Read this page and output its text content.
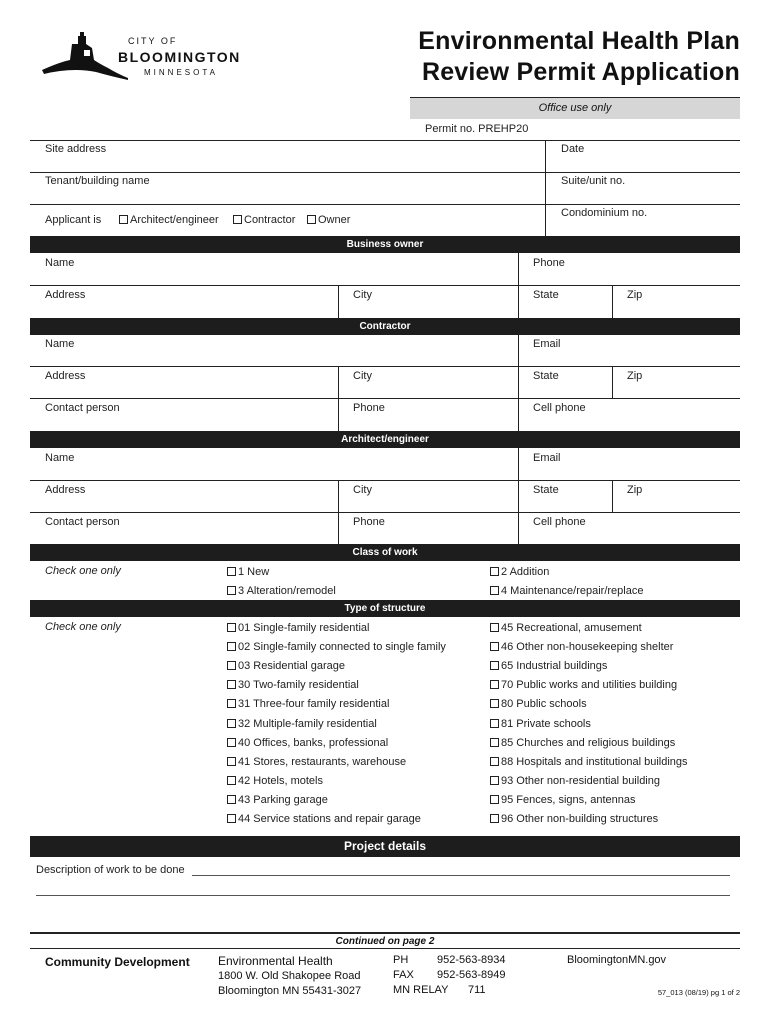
CITY OF
BLOOMINGTON
MINNESOTA
Environmental Health Plan
Review Permit Application
Office use only
Permit no. PREHP20
Site address	Date
Tenant/building name	Suite/unit no.
Applicant is	Architect/engineer	Contractor	Owner
Condominium no.
Business owner
Name	Phone
Address	City	State	Zip
Contractor
Name	Email
Address	City	State	Zip
Contact person	Phone	Cell phone
Architect/engineer
Name	Email
Address	City	State	Zip
Contact person	Phone	Cell phone
Class of work
Check one only	1 New	2 Addition
3 Alteration/remodel	4 Maintenance/repair/replace
Type of structure
Check one only	01 Single-family residential
02 Single-family connected to single family
03 Residential garage
30 Two-family residential
31 Three-four family residential
32 Multiple-family residential
40 Offices, banks, professional
41 Stores, restaurants, warehouse
42 Hotels, motels
43 Parking garage
44 Service stations and repair garage
45 Recreational, amusement
46 Other non-housekeeping shelter
65 Industrial buildings
70 Public works and utilities building
80 Public schools
81 Private schools
85 Churches and religious buildings
88 Hospitals and institutional buildings
93 Other non-residential building
95 Fences, signs, antennas
96 Other non-building structures
Project details
Description of work to be done
Continued on page 2
Community Development Environmental Health
1800 W. Old Shakopee Road
Bloomington MN 55431-3027
PH	952-563-8934
FAX 952-563-8949
MN RELAY 711
BloomingtonMN.gov
57_013 (08/19) pg 1 of 2
